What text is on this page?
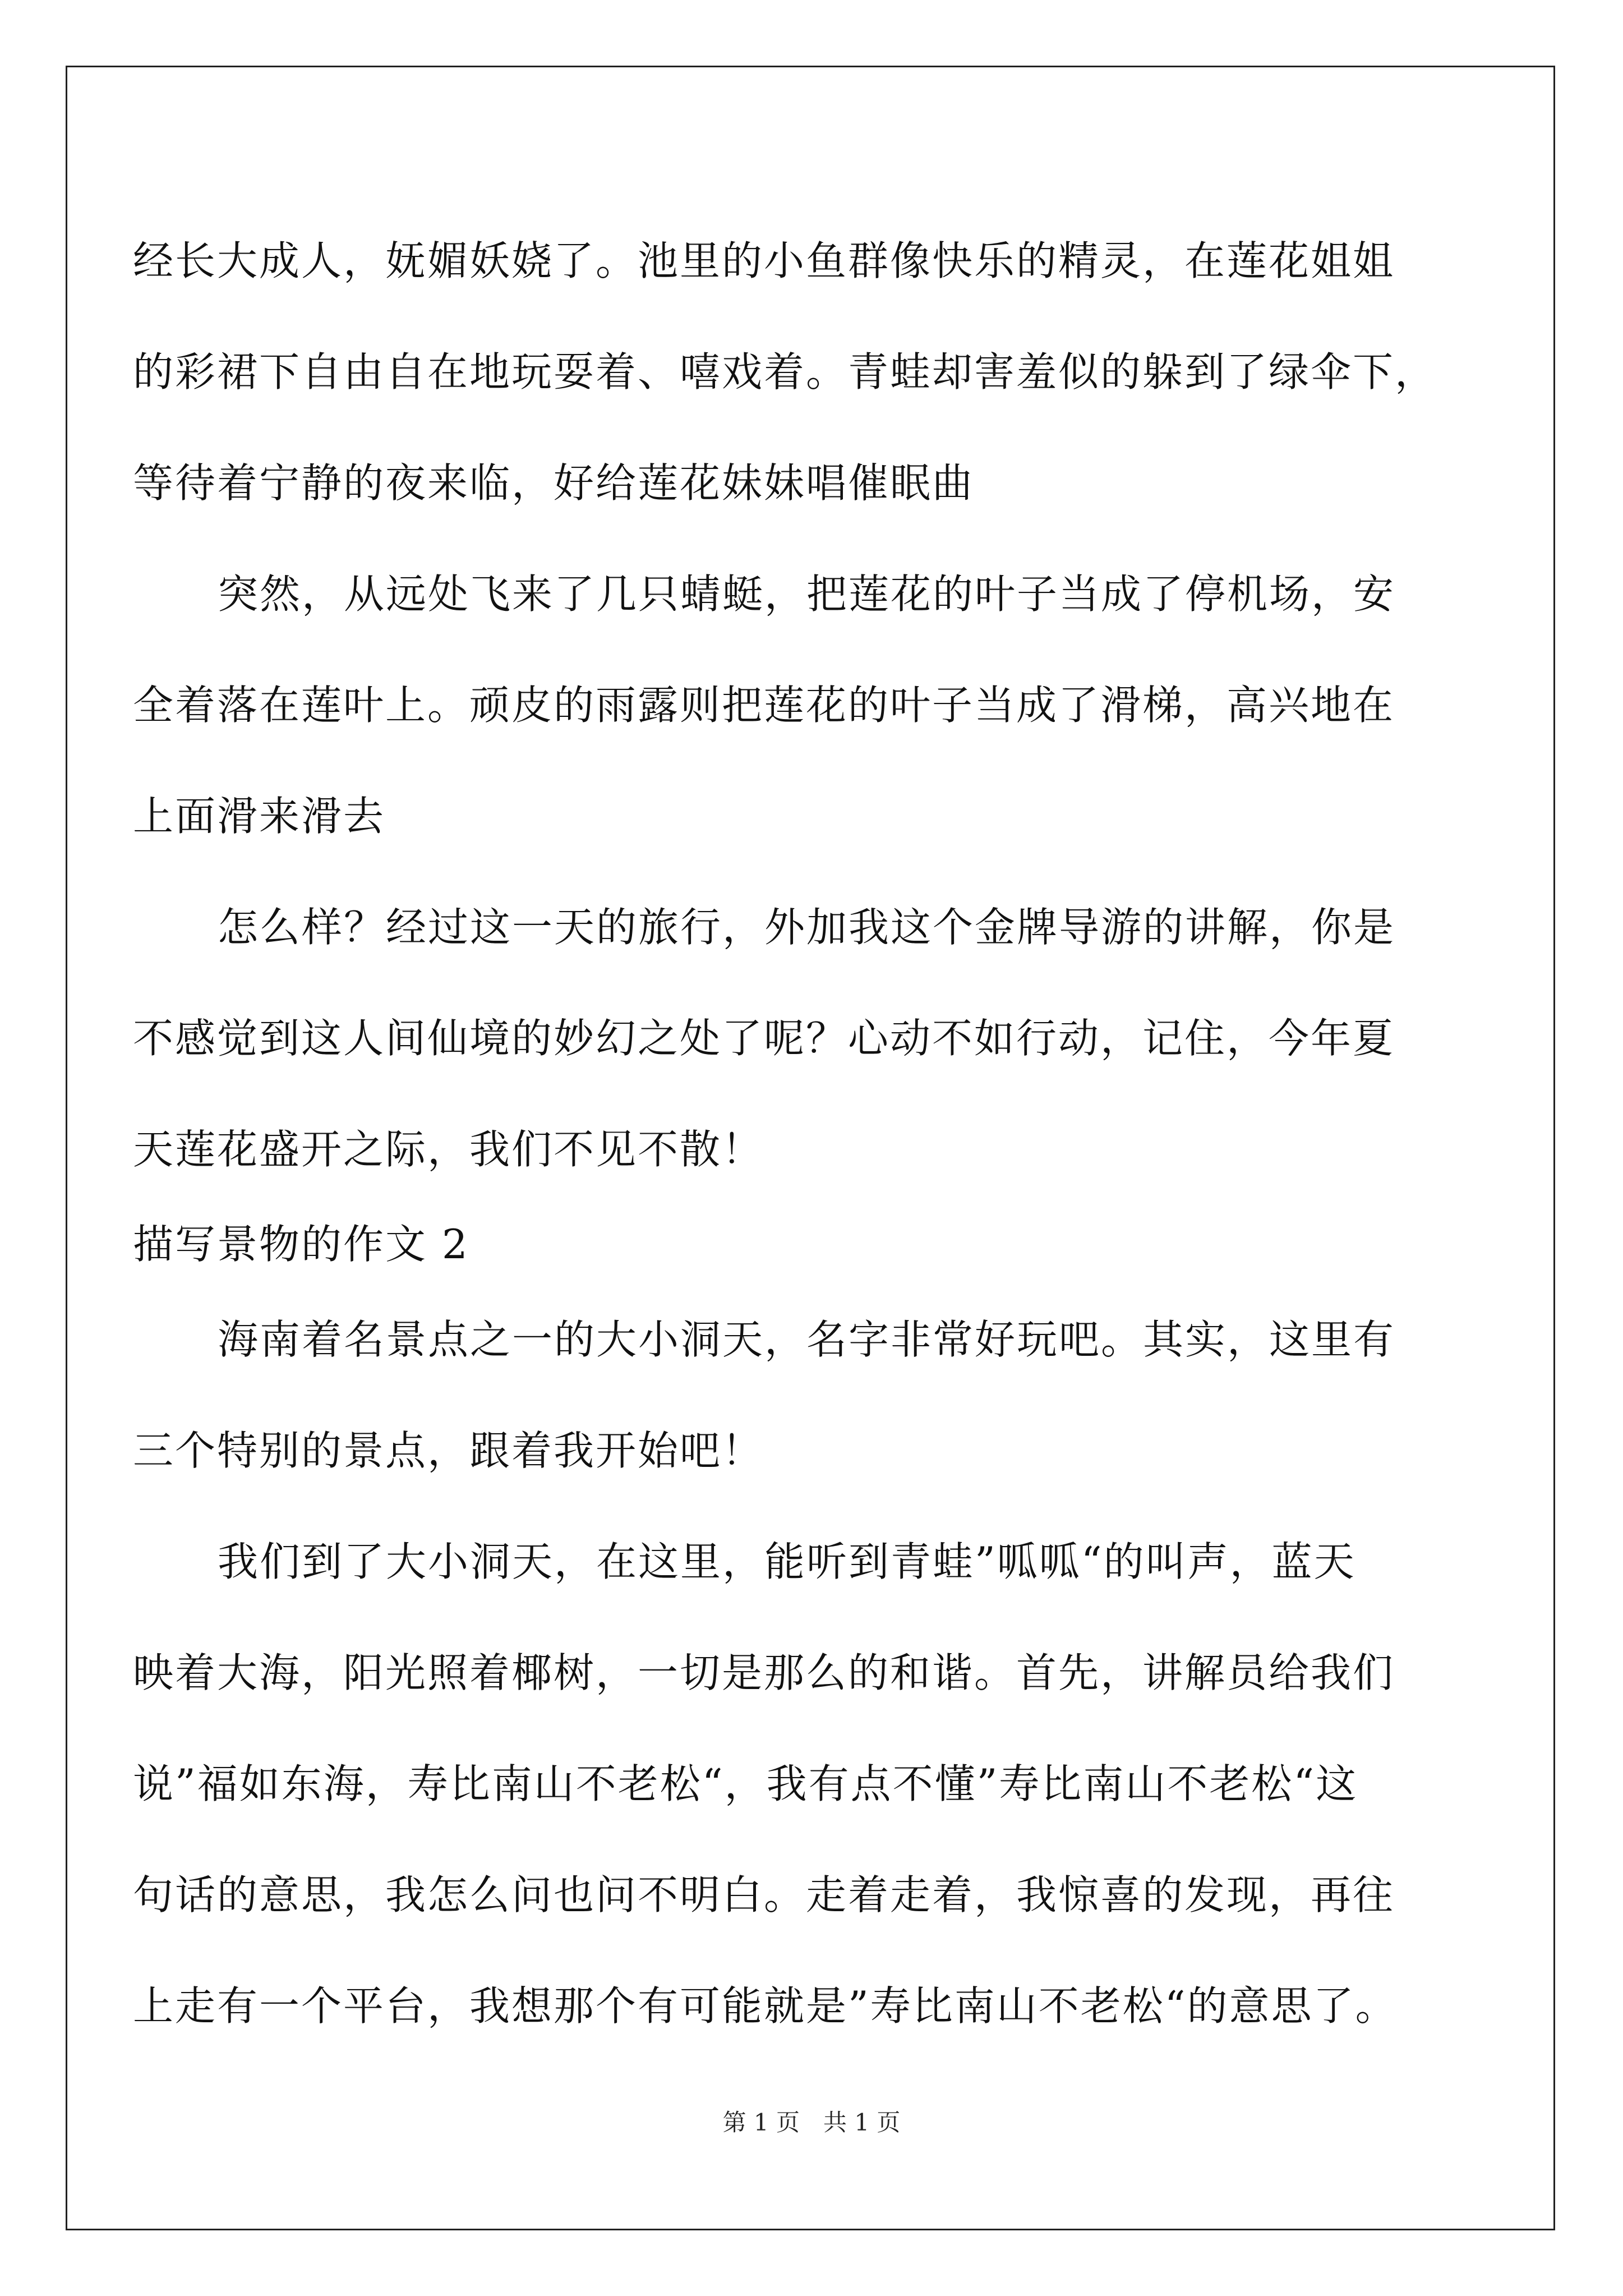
经长大成人，妩媚妖娆了。池里的小鱼群像快乐的精灵，在莲花姐姐
的彩裙下自由自在地玩耍着、嘻戏着。青蛙却害羞似的躲到了绿伞下，
等待着宁静的夜来临，好给莲花妹妹唱催眠曲
突然，从远处飞来了几只蜻蜓，把莲花的叶子当成了停机场，安
全着落在莲叶上。顽皮的雨露则把莲花的叶子当成了滑梯，高兴地在
上面滑来滑去
怎么样？经过这一天的旅行，外加我这个金牌导游的讲解，你是
不感觉到这人间仙境的妙幻之处了呢？心动不如行动，记住，今年夏
天莲花盛开之际，我们不见不散！
描写景物的作文 2
海南着名景点之一的大小洞天，名字非常好玩吧。其实，这里有
三个特别的景点，跟着我开始吧！
我们到了大小洞天，在这里，能听到青蛙”呱呱“的叫声，蓝天
映着大海，阳光照着椰树，一切是那么的和谐。首先，讲解员给我们
说”福如东海，寿比南山不老松“，我有点不懂”寿比南山不老松“这
句话的意思，我怎么问也问不明白。走着走着，我惊喜的发现，再往
上走有一个平台，我想那个有可能就是”寿比南山不老松“的意思了。
第 1 页　共 1 页
